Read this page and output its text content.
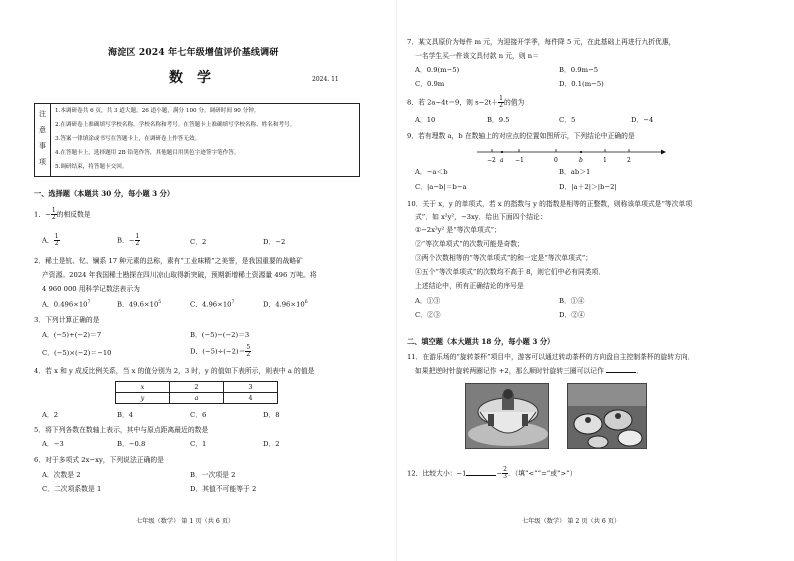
海淀区 2024 年七年级增值评价基线调研
数学	2024. 11
注
意
事
项
1.本调研卷共 6 页，共 3 道大题，26 道小题，满分 100 分。调研时间 90 分钟。
2.在调研卷上准确填写学校名称、学校名称和考号。在答题卡上准确填写学校名称、姓名和考号。
3.答案一律填涂或书写在答题卡上，在调研卷上作答无效。
4.在答题卡上，选择题用 2B 铅笔作答，其他题目用黑色字迹签字笔作答。
5.调研结束，将答题卡交回。
一、选择题（本题共 30 分，每小题 3 分）
1．− $\frac{1}{2}$ 的相反数是
A． $\frac{1}{2}$	B．− $\frac{1}{2}$	C．2	D．−2
2．稀土是钪、钇、镧系 17 种元素的总称，素有“工业味精”之美誉，是我国重要的战略矿
产资源。2024 年我国稀土勘探在四川凉山取得新突破，预期新增稀土资源量 496 万吨。将
4 960 000 用科学记数法表示为
A．$0.496\times 10^7$	B．$49.6\times 10^5$	C．$4.96\times 10^7$	D．$4.96\times 10^6$
3．下列计算正确的是
A．(−5)+(−2)＝7	B．(−5)−(−2)＝3
C．(−5)×(−2)＝−10	D．$(-5)\div(-2)= \frac{5}{2}$
4．若 x 和 y 成反比例关系，当 x 的值分别为 2，3 时，y 的值如下表所示，则表中 a 的值是
x	2	3
y	a	4
A．2	B．4	C．6	D．8
5．将下列各数在数轴上表示，其中与原点距离最近的数是
A．−3	B．−0.8	C．1	D．2
6．对于多项式 2x−xy，下列说法正确的是
A．次数是 2	B．一次项是 2
C．二次项系数是 1	D．其值不可能等于 2
七年级（数学） 第 1 页（共 6 页）
7．某文具原价为每件 m 元，为迎接开学季，每件降 5 元，在此基础上再进行九折优惠，
一名学生买一件该文具付款 n 元，则 n＝
A．0.9(m−5)	B．0.9m−5
C．0.9m	D．0.1(m−5)
8．若 2a−4t＝9，则 $s-2t+ \frac{1}{2}$ 的值为
A．10	B．9.5	C．5	D．−4
9．若有理数 a，b 在数轴上的对应点的位置如图所示，下列结论中正确的是
−2 a −1	0	b	1	2
A．−a＜b	B．ab＞1
C．|a−b|＝b−a	D．|a＋2|＞|b−2|
10．关于 x，y 的单项式，若 x 的指数与 y 的指数是相等的正整数，则称该单项式是“等次单项
式”．如 x²y²，−3xy．给出下面四个结论：
①−2x²y² 是“等次单项式”；
②“等次单项式”的次数可能是奇数；
③两个次数相等的“等次单项式”的和一定是“等次单项式”；
④五个“等次单项式”的次数均不高于 8，则它们中必有同类项．
上述结论中，所有正确结论的序号是
A．①③	B．①④
C．②③	D．②④
二、填空题（本大题共 18 分，每小题 3 分）
11．在游乐场的“旋转茶杯”项目中，游客可以通过转动茶杯的方向盘自主控制茶杯的旋转方向．
如果把逆时针旋转两圈记作 +2，那么顺时针旋转三圈可以记作	．
12．比较大小：−1	− $\frac{2}{3}$ ．（填“<”“=”或“>”）
七年级（数学） 第 2 页（共 6 页）
